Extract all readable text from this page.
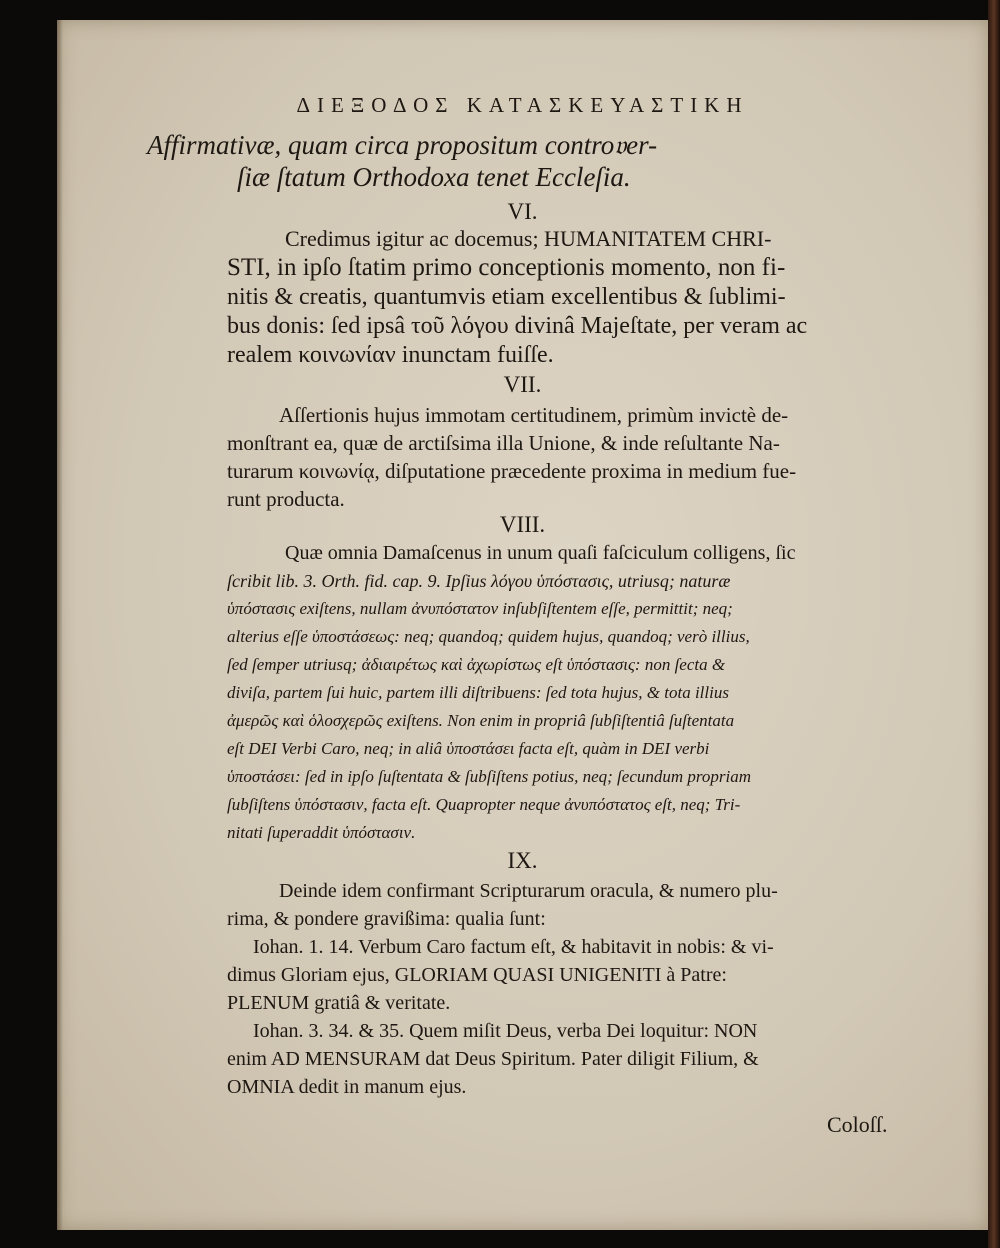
ΔΙΕΞΟΔΟΣ ΚΑΤΑΣΚΕΥΑΣΤΙΚΗ
Affirmativæ, quam circa propositum contro𝔳er-
ſiæ ſtatum Orthodoxa tenet Eccleſia.
VI.
Credimus igitur ac docemus; HUMANITATEM CHRI-
STI, in ipſo ſtatim primo conceptionis momento, non fi-
nitis & creatis, quantumvis etiam excellentibus & ſublimi-
bus donis: ſed ipsâ τοῦ λόγου divinâ Majeſtate, per veram ac
realem κοινωνίαν inunctam fuiſſe.
VII.
Aſſertionis hujus immotam certitudinem, primùm invictè de-
monſtrant ea, quæ de arctiſsima illa Unione, & inde reſultante Na-
turarum κοινωνίᾳ, diſputatione præcedente proxima in medium fue-
runt producta.
VIII.
Quæ omnia Damaſcenus in unum quaſi faſciculum colligens, ſic
ſcribit lib. 3. Orth. fid. cap. 9. Ipſius λόγου ὑπόστασις, utriusq; naturæ
ὑπόστασις exiſtens, nullam ἀνυπόστατον inſubſiſtentem eſſe, permittit; neq;
alterius eſſe ὑποστάσεως: neq; quandoq; quidem hujus, quandoq; verò illius,
ſed ſemper utriusq; ἀδιαιρέτως καὶ ἀχωρίστως eſt ὑπόστασις: non ſecta &
diviſa, partem ſui huic, partem illi diſtribuens: ſed tota hujus, & tota illius
ἀμερῶς καὶ ὁλοσχερῶς exiſtens. Non enim in propriâ ſubſiſtentiâ ſuſtentata
eſt DEI Verbi Caro, neq; in aliâ ὑποστάσει facta eſt, quàm in DEI verbi
ὑποστάσει: ſed in ipſo ſuſtentata & ſubſiſtens potius, neq; ſecundum propriam
ſubſiſtens ὑπόστασιν, facta eſt. Quapropter neque ἀνυπόστατος eſt, neq; Tri-
nitati ſuperaddit ὑπόστασιν.
IX.
Deinde idem confirmant Scripturarum oracula, & numero plu-
rima, & pondere gravißima: qualia ſunt:
Iohan. 1. 14. Verbum Caro factum eſt, & habitavit in nobis: & vi-
dimus Gloriam ejus, GLORIAM QUASI UNIGENITI à Patre:
PLENUM gratiâ & veritate.
Iohan. 3. 34. & 35. Quem miſit Deus, verba Dei loquitur: NON
enim AD MENSURAM dat Deus Spiritum. Pater diligit Filium, &
OMNIA dedit in manum ejus.
Coloſſ.
